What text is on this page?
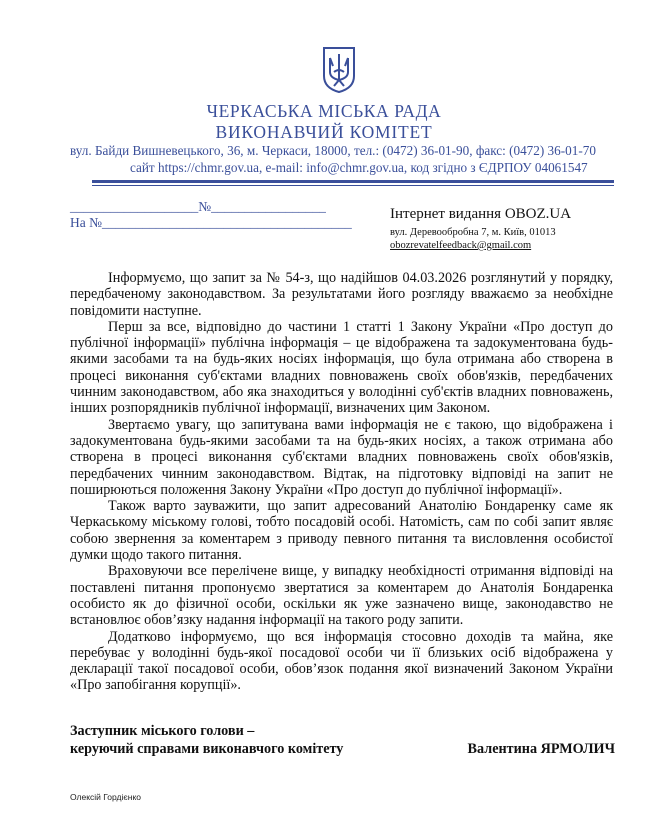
ЧЕРКАСЬКА МІСЬКА РАДА
ВИКОНАВЧИЙ КОМІТЕТ
вул. Байди Вишневецького, 36, м. Черкаси, 18000, тел.: (0472) 36-01-90, факс: (0472) 36-01-70
сайт https://chmr.gov.ua, e-mail: info@chmr.gov.ua, код згідно з ЄДРПОУ 04061547
___________________№_________________
На №_____________________________________
Інтернет видання OBOZ.UA
вул. Деревообробна 7, м. Київ, 01013
obozrevatelfeedback@gmail.com

Інформуємо, що запит за № 54-з, що надійшов 04.03.2026 розглянутий у порядку, передбаченому законодавством. За результатами його розгляду вважаємо за необхідне повідомити наступне.

Перш за все, відповідно до частини 1 статті 1 Закону України «Про доступ до публічної інформації» публічна інформація – це відображена та задокументована будь-якими засобами та на будь-яких носіях інформація, що була отримана або створена в процесі виконання суб'єктами владних повноважень своїх обов'язків, передбачених чинним законодавством, або яка знаходиться у володінні суб'єктів владних повноважень, інших розпорядників публічної інформації, визначених цим Законом.

Звертаємо увагу, що запитувана вами інформація не є такою, що відображена і задокументована будь-якими засобами та на будь-яких носіях, а також отримана або створена в процесі виконання суб'єктами владних повноважень своїх обов'язків, передбачених чинним законодавством. Відтак, на підготовку відповіді на запит не поширюються положення Закону України «Про доступ до публічної інформації».

Також варто зауважити, що запит адресований Анатолію Бондаренку саме як Черкаському міському голові, тобто посадовій особі. Натомість, сам по собі запит являє собою звернення за коментарем з приводу певного питання та висловлення особистої думки щодо такого питання.

Враховуючи все перелічене вище, у випадку необхідності отримання відповіді на поставлені питання пропонуємо звертатися за коментарем до Анатолія Бондаренка особисто як до фізичної особи, оскільки як уже зазначено вище, законодавство не встановлює обов’язку надання інформації на такого роду запити.

Додатково інформуємо, що вся інформація стосовно доходів та майна, яке перебуває у володінні будь-якої посадової особи чи її близьких осіб відображена у декларації такої посадової особи, обов’язок подання якої визначений Законом України «Про запобігання корупції».

Заступник міського голови –
керуючий справами виконавчого комітету	Валентина ЯРМОЛИЧ
Олексій Гордієнко
